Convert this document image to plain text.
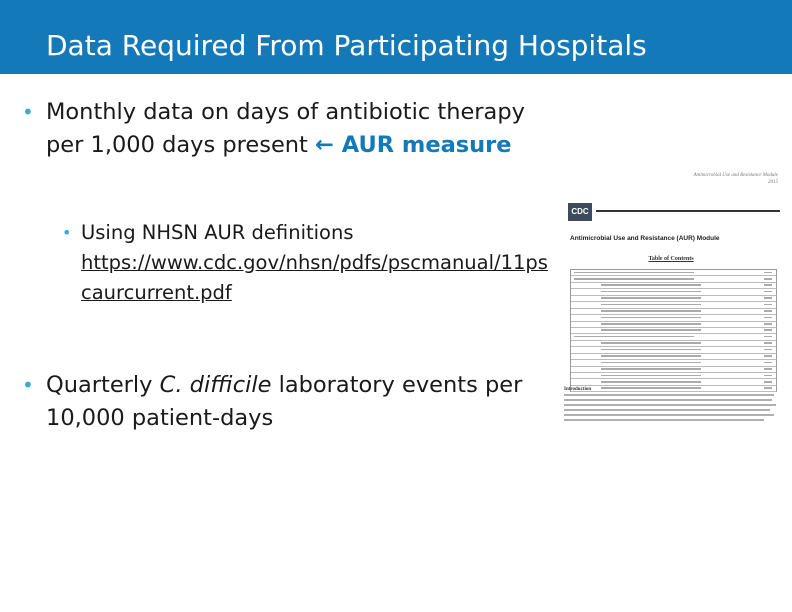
Data Required From Participating Hospitals
• Monthly data on days of antibiotic therapy per 1,000 days present ← AUR measure
• Using NHSN AUR definitions
https://www.cdc.gov/nhsn/pdfs/pscmanual/11pscaurcurrent.pdf
• Quarterly C. difficile laboratory events per 10,000 patient-days
Antimicrobial Use and Resistance Module
2015
CDC
Antimicrobial Use and Resistance (AUR) Module
Table of Contents
Introduction
12
